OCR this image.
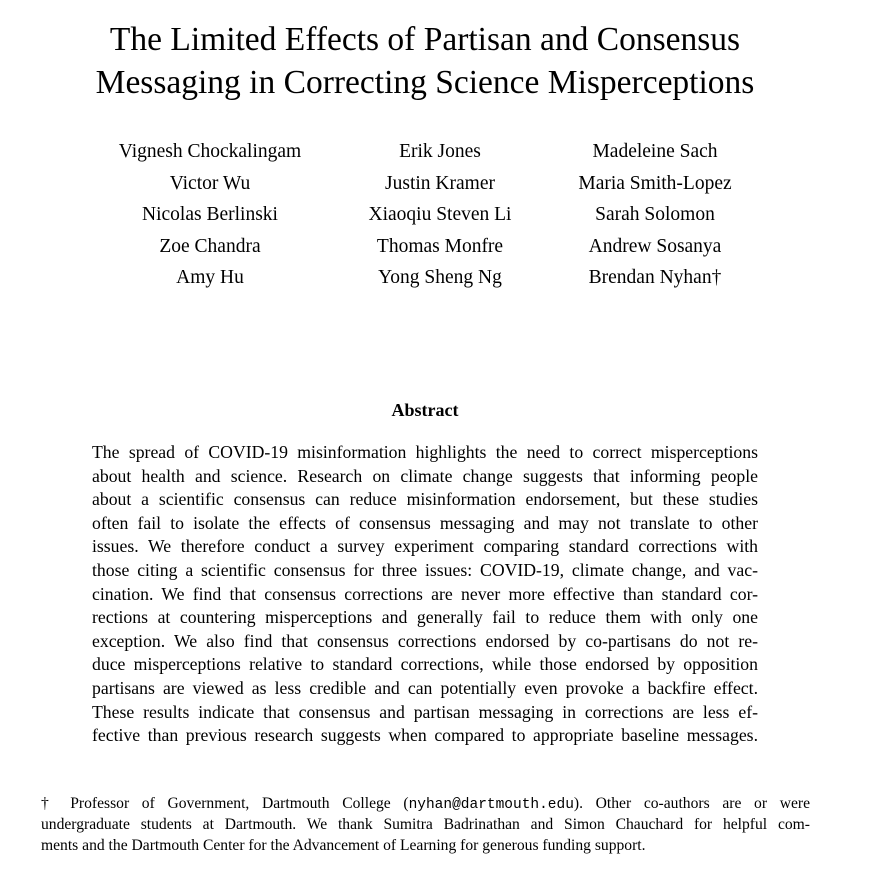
The Limited Effects of Partisan and Consensus
Messaging in Correcting Science Misperceptions
Vignesh Chockalingam
Victor Wu
Nicolas Berlinski
Zoe Chandra
Amy Hu
Erik Jones
Justin Kramer
Xiaoqiu Steven Li
Thomas Monfre
Yong Sheng Ng
Madeleine Sach
Maria Smith-Lopez
Sarah Solomon
Andrew Sosanya
Brendan Nyhan†
Abstract
The spread of COVID-19 misinformation highlights the need to correct misperceptions
about health and science. Research on climate change suggests that informing people
about a scientific consensus can reduce misinformation endorsement, but these studies
often fail to isolate the effects of consensus messaging and may not translate to other
issues. We therefore conduct a survey experiment comparing standard corrections with
those citing a scientific consensus for three issues: COVID-19, climate change, and vac-
cination. We find that consensus corrections are never more effective than standard cor-
rections at countering misperceptions and generally fail to reduce them with only one
exception. We also find that consensus corrections endorsed by co-partisans do not re-
duce misperceptions relative to standard corrections, while those endorsed by opposition
partisans are viewed as less credible and can potentially even provoke a backfire effect.
These results indicate that consensus and partisan messaging in corrections are less ef-
fective than previous research suggests when compared to appropriate baseline messages.
† Professor of Government, Dartmouth College (nyhan@dartmouth.edu). Other co-authors are or were
undergraduate students at Dartmouth. We thank Sumitra Badrinathan and Simon Chauchard for helpful com-
ments and the Dartmouth Center for the Advancement of Learning for generous funding support.
